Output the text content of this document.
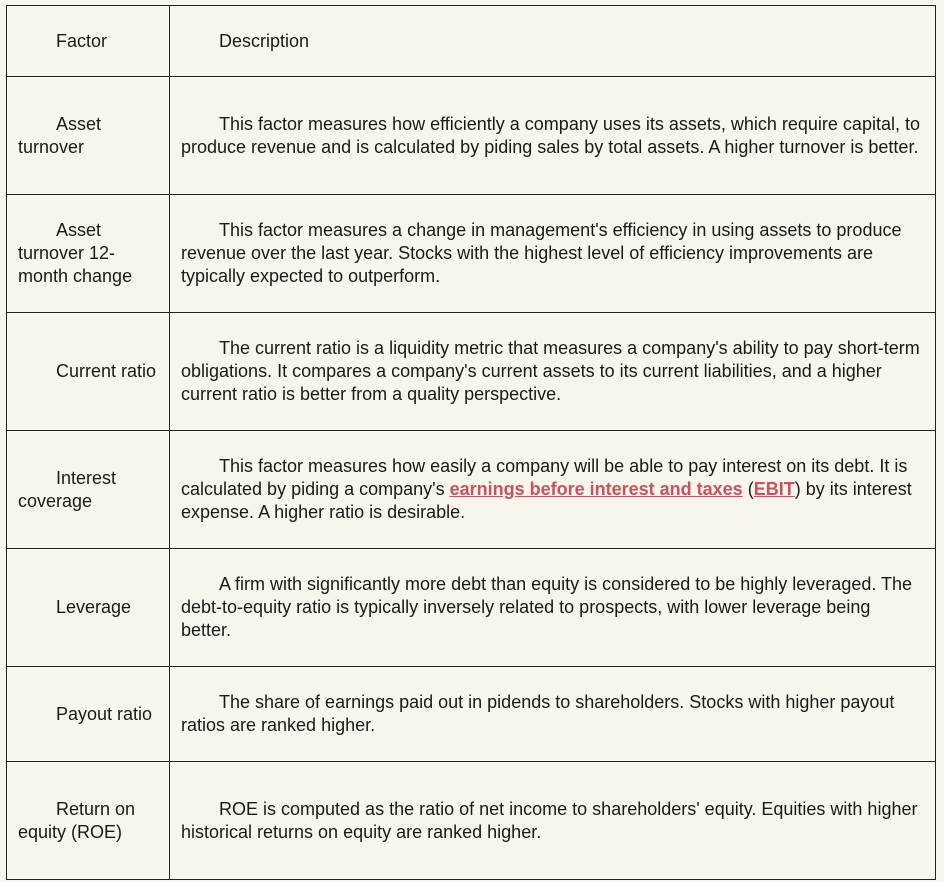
Factor	Description
Asset turnover	This factor measures how efficiently a company uses its assets, which require capital, to produce revenue and is calculated by piding sales by total assets. A higher turnover is better.
Asset turnover 12-month change	This factor measures a change in management's efficiency in using assets to produce revenue over the last year. Stocks with the highest level of efficiency improvements are typically expected to outperform.
Current ratio	The current ratio is a liquidity metric that measures a company's ability to pay short-term obligations. It compares a company's current assets to its current liabilities, and a higher current ratio is better from a quality perspective.
Interest coverage	This factor measures how easily a company will be able to pay interest on its debt. It is calculated by piding a company's earnings before interest and taxes (EBIT) by its interest expense. A higher ratio is desirable.
Leverage	A firm with significantly more debt than equity is considered to be highly leveraged. The debt-to-equity ratio is typically inversely related to prospects, with lower leverage being better.
Payout ratio	The share of earnings paid out in pidends to shareholders. Stocks with higher payout ratios are ranked higher.
Return on equity (ROE)	ROE is computed as the ratio of net income to shareholders' equity. Equities with higher historical returns on equity are ranked higher.
